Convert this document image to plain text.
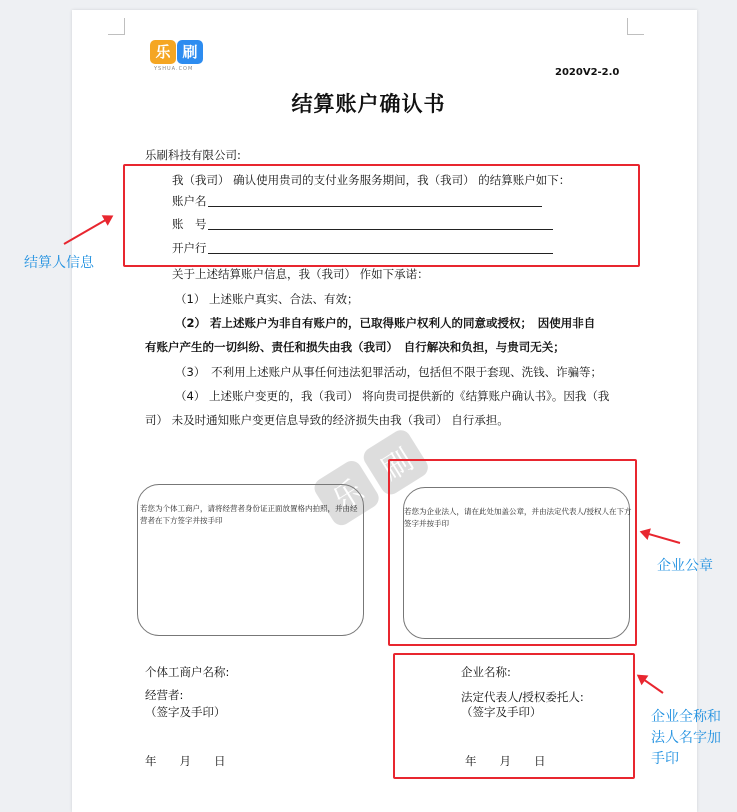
乐 刷
YSHUA.COM	2020V2-2.0
结算账户确认书
乐刷科技有限公司:
我（我司） 确认使用贵司的支付业务服务期间，我（我司） 的结算账户如下：
账户名
账　号
开户行
关于上述结算账户信息，我（我司） 作如下承诺：
（1） 上述账户真实、合法、有效；
（2） 若上述账户为非自有账户的，已取得账户权利人的同意或授权；　因使用非自
有账户产生的一切纠纷、责任和损失由我（我司）　自行解决和负担，与贵司无关；
（3）　不利用上述账户从事任何违法犯罪活动，包括但不限于套现、洗钱、诈骗等；
（4） 上述账户变更的，我（我司） 将向贵司提供新的《结算账户确认书》。因我（我
司） 未及时通知账户变更信息导致的经济损失由我（我司） 自行承担。
乐
刷
若您为个体工商户，请将经营者身份证正面放置格内拍照，并由经营者在下方签字并按手印
若您为企业法人，请在此处加盖公章，并由法定代表人/授权人在下方签字并按手印
个体工商户名称:
经营者:
（签字及手印）
年　　月　　日
企业名称:
法定代表人/授权委托人:
（签字及手印）
年　　月　　日
结算人信息
企业公章
企业全称和
法人名字加
手印
